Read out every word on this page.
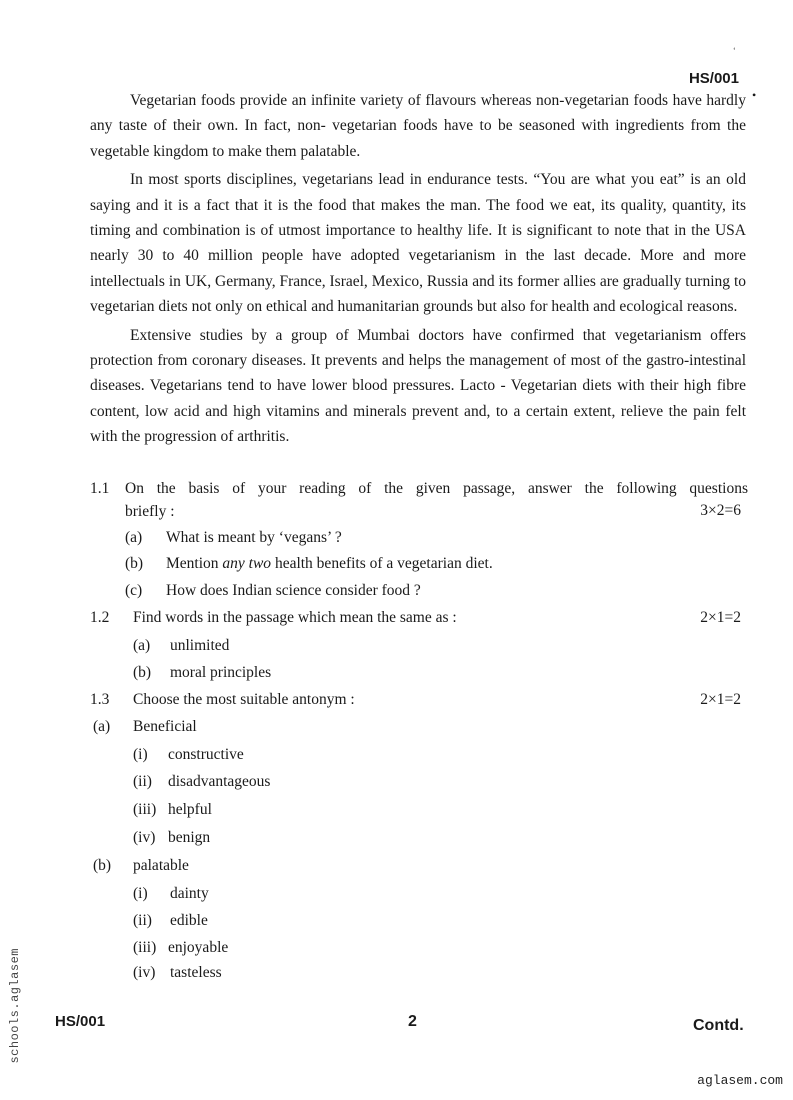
‘
HS/001
•

Vegetarian foods provide an infinite variety of flavours whereas non-vegetarian foods have hardly any taste of their own. In fact, non- vegetarian foods have to be seasoned with ingredients from the vegetable kingdom to make them palatable.

In most sports disciplines, vegetarians lead in endurance tests. “You are what you eat” is an old saying and it is a fact that it is the food that makes the man. The food we eat, its quality, quantity, its timing and combination is of utmost importance to healthy life. It is significant to note that in the USA nearly 30 to 40 million people have adopted vegetarianism in the last decade. More and more intellectuals in UK, Germany, France, Israel, Mexico, Russia and its former allies are gradually turning to vegetarian diets not only on ethical and humanitarian grounds but also for health and ecological reasons.

Extensive studies by a group of Mumbai doctors have confirmed that vegetarianism offers protection from coronary diseases. It prevents and helps the management of most of the gastro-intestinal diseases. Vegetarians tend to have lower blood pressures. Lacto - Vegetarian diets with their high fibre content, low acid and high vitamins and minerals prevent and, to a certain extent, relieve the pain felt with the progression of arthritis.

1.1 On the basis of your reading of the given passage, answer the following questions
briefly :	3×2=6
(a) What is meant by ‘vegans’ ?
(b) Mention any two health benefits of a vegetarian diet.
(c) How does Indian science consider food ?
1.2 Find words in the passage which mean the same as :	2×1=2
(a) unlimited
(b) moral principles
1.3 Choose the most suitable antonym :	2×1=2
(a) Beneficial
(i) constructive
(ii) disadvantageous
(iii) helpful
(iv) benign
(b) palatable
(i) dainty
(ii) edible
(iii) enjoyable
(iv) tasteless
schools.aglasem HS/001	2	Contd.
aglasem.com
